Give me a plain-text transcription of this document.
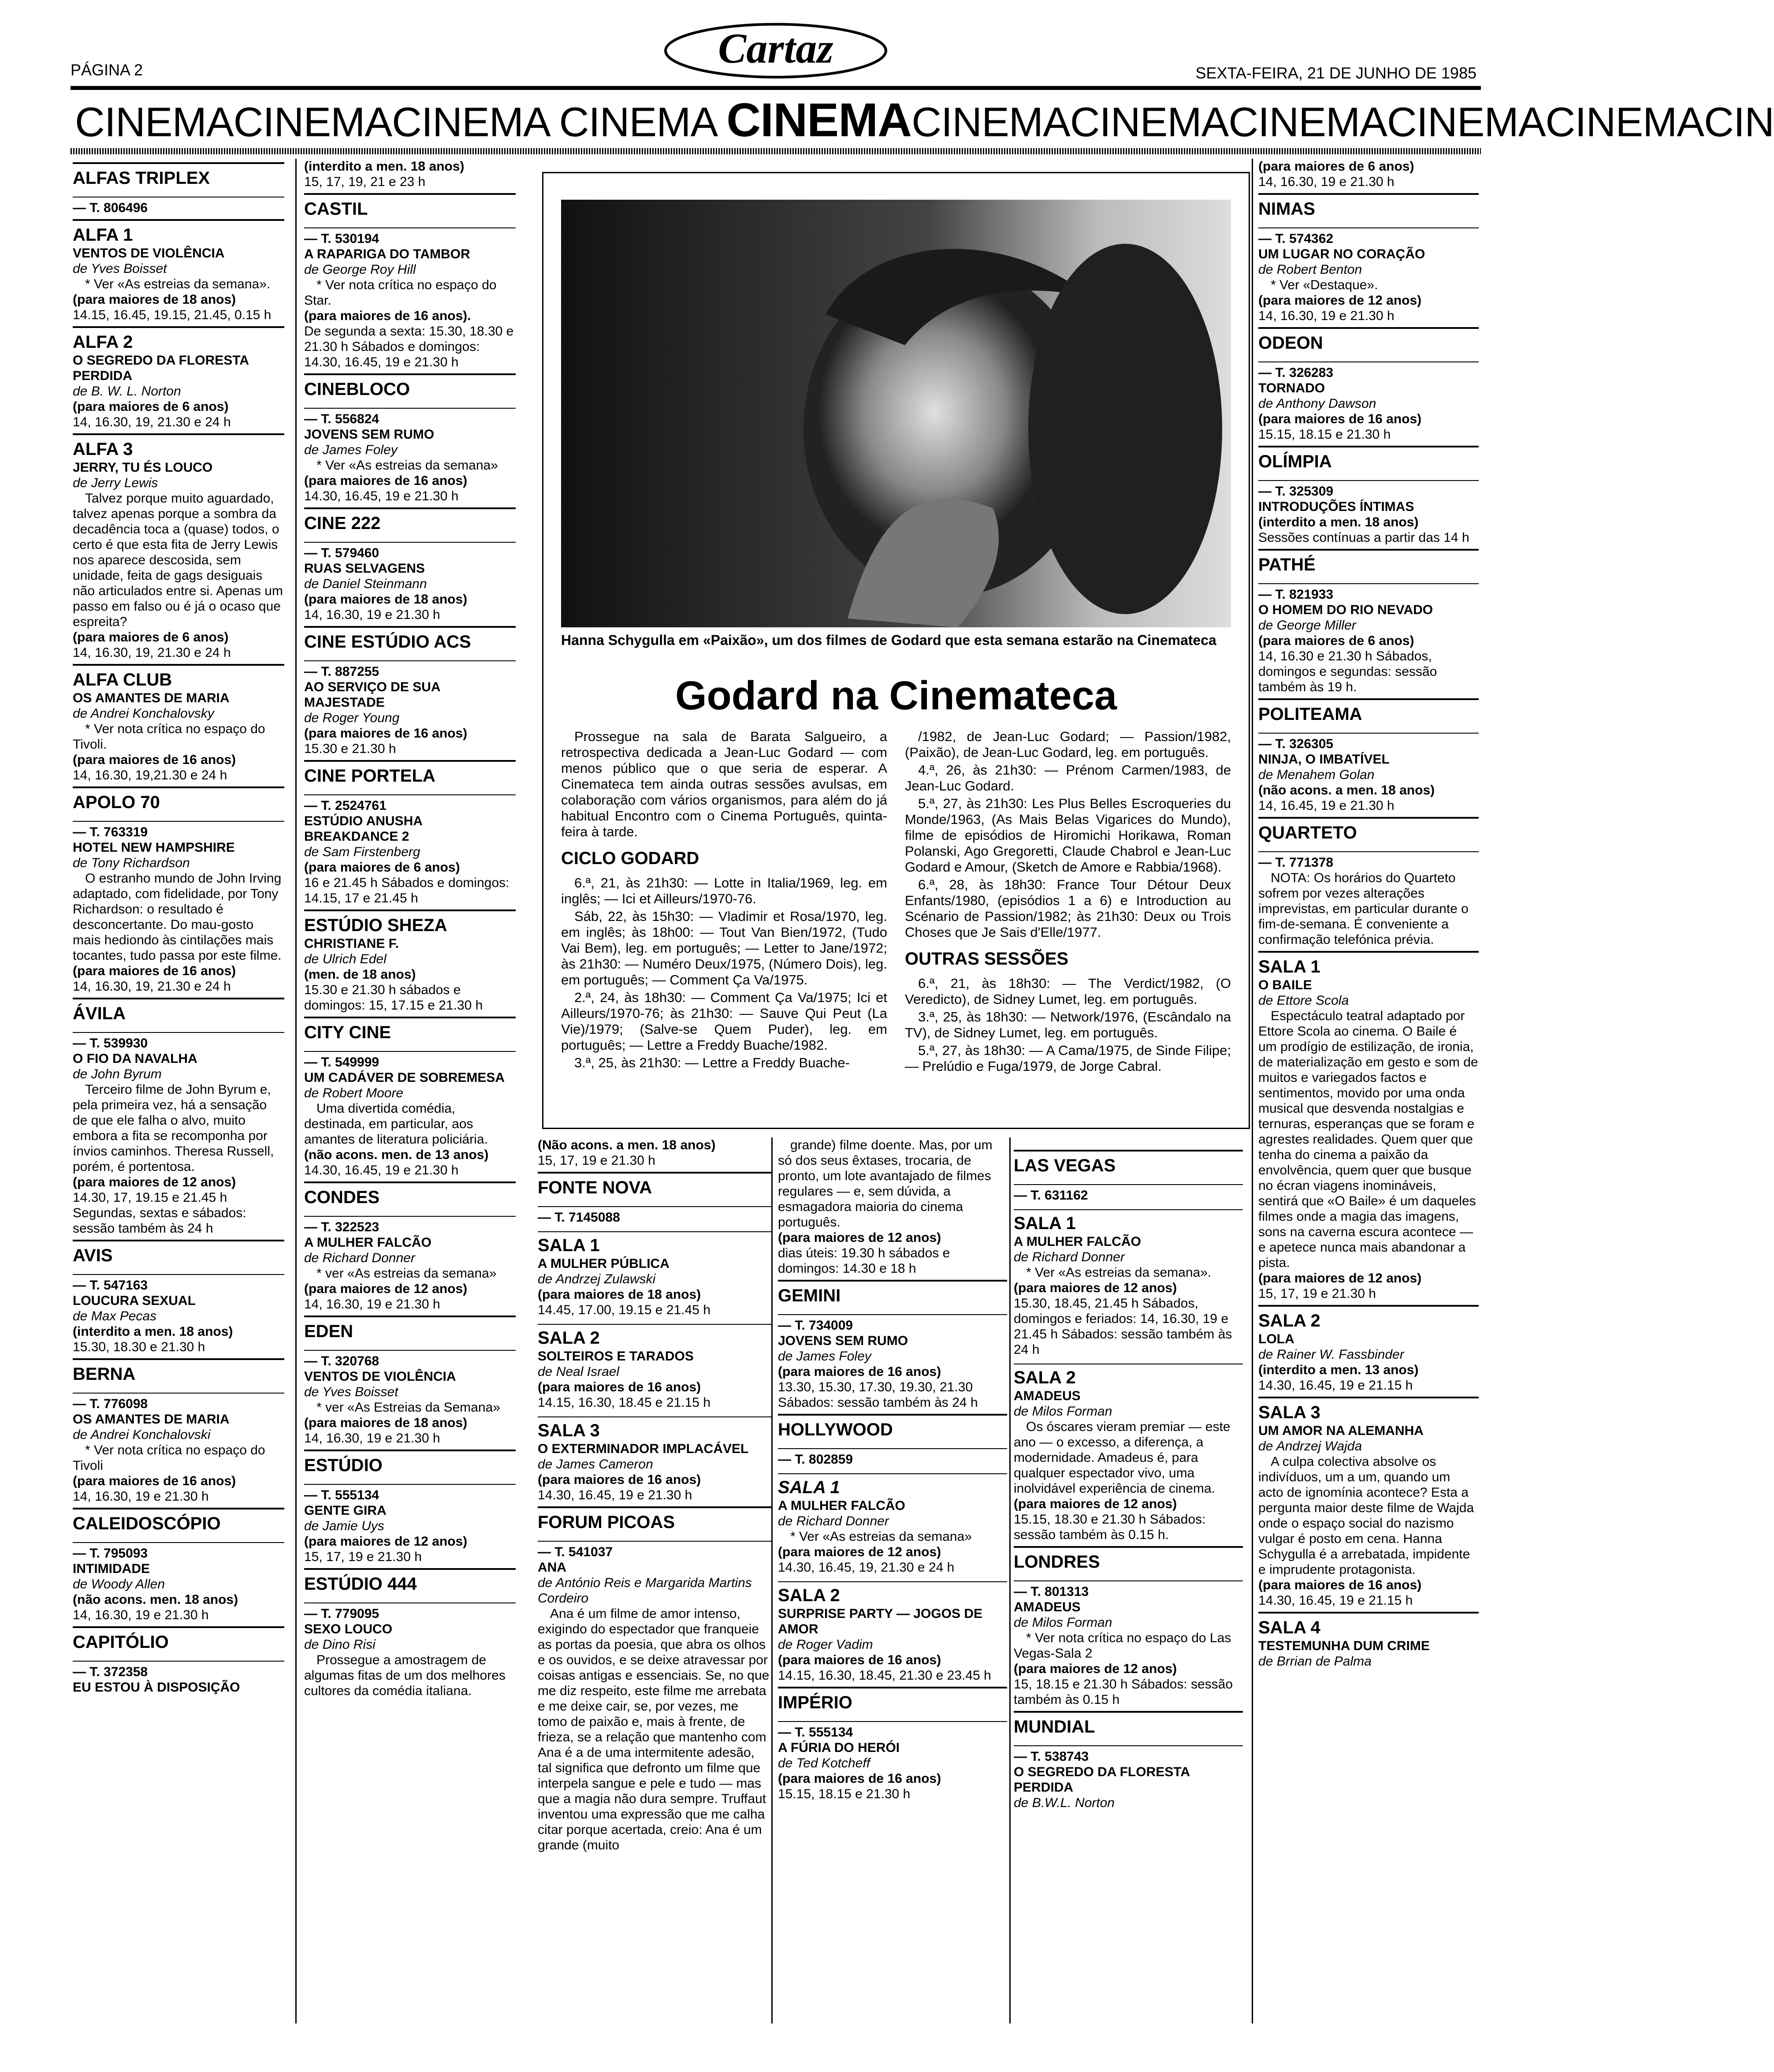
PÁGINA 2	Cartaz
SEXTA-FEIRA, 21 DE JUNHO DE 1985
CINEMACINEMACINEMA CINEMA CINEMACINEMACINEMACINEMACINEMACINEMACIN
ALFAS TRIPLEX
— T. 806496
ALFA 1
VENTOS DE VIOLÊNCIA
de Yves Boisset
* Ver «As estreias da semana».
(para maiores de 18 anos)
14.15, 16.45, 19.15, 21.45, 0.15 h
ALFA 2
O SEGREDO DA FLORESTA PERDIDA
de B. W. L. Norton
(para maiores de 6 anos)
14, 16.30, 19, 21.30 e 24 h
ALFA 3
JERRY, TU ÉS LOUCO
de Jerry Lewis
Talvez porque muito aguardado, talvez apenas porque a sombra da decadência toca a (quase) todos, o certo é que esta fita de Jerry Lewis nos aparece descosida, sem unidade, feita de gags desiguais não articulados entre si. Apenas um passo em falso ou é já o ocaso que espreita?
(para maiores de 6 anos)
14, 16.30, 19, 21.30 e 24 h
ALFA CLUB
OS AMANTES DE MARIA
de Andrei Konchalovsky
* Ver nota crítica no espaço do Tivoli.
(para maiores de 16 anos)
14, 16.30, 19,21.30 e 24 h
APOLO 70
— T. 763319
HOTEL NEW HAMPSHIRE
de Tony Richardson
O estranho mundo de John Irving adaptado, com fidelidade, por Tony Richardson: o resultado é desconcertante. Do mau-gosto mais hediondo às cintilações mais tocantes, tudo passa por este filme.
(para maiores de 16 anos)
14, 16.30, 19, 21.30 e 24 h
ÁVILA
— T. 539930
O FIO DA NAVALHA
de John Byrum
Terceiro filme de John Byrum e, pela primeira vez, há a sensação de que ele falha o alvo, muito embora a fita se recomponha por ínvios caminhos. Theresa Russell, porém, é portentosa.
(para maiores de 12 anos)
14.30, 17, 19.15 e 21.45 h Segundas, sextas e sábados: sessão também às 24 h
AVIS
— T. 547163
LOUCURA SEXUAL
de Max Pecas
(interdito a men. 18 anos)
15.30, 18.30 e 21.30 h
BERNA
— T. 776098
OS AMANTES DE MARIA
de Andrei Konchalovski
* Ver nota crítica no espaço do Tivoli
(para maiores de 16 anos)
14, 16.30, 19 e 21.30 h
CALEIDOSCÓPIO
— T. 795093
INTIMIDADE
de Woody Allen
(não acons. men. 18 anos)
14, 16.30, 19 e 21.30 h
CAPITÓLIO
— T. 372358
EU ESTOU À DISPOSIÇÃO
(interdito a men. 18 anos)
15, 17, 19, 21 e 23 h
CASTIL
— T. 530194
A RAPARIGA DO TAMBOR
de George Roy Hill
* Ver nota crítica no espaço do Star.
(para maiores de 16 anos).
De segunda a sexta: 15.30, 18.30 e 21.30 h Sábados e domingos: 14.30, 16.45, 19 e 21.30 h
CINEBLOCO
— T. 556824
JOVENS SEM RUMO
de James Foley
* Ver «As estreias da semana»
(para maiores de 16 anos)
14.30, 16.45, 19 e 21.30 h
CINE 222
— T. 579460
RUAS SELVAGENS
de Daniel Steinmann
(para maiores de 18 anos)
14, 16.30, 19 e 21.30 h
CINE ESTÚDIO ACS
— T. 887255
AO SERVIÇO DE SUA MAJESTADE
de Roger Young
(para maiores de 16 anos)
15.30 e 21.30 h
CINE PORTELA
— T. 2524761
ESTÚDIO ANUSHA BREAKDANCE 2
de Sam Firstenberg
(para maiores de 6 anos)
16 e 21.45 h Sábados e domingos: 14.15, 17 e 21.45 h
ESTÚDIO SHEZA
CHRISTIANE F.
de Ulrich Edel
(men. de 18 anos)
15.30 e 21.30 h sábados e domingos: 15, 17.15 e 21.30 h
CITY CINE
— T. 549999
UM CADÁVER DE SOBREMESA
de Robert Moore
Uma divertida comédia, destinada, em particular, aos amantes de literatura policiária.
(não acons. men. de 13 anos)
14.30, 16.45, 19 e 21.30 h
CONDES
— T. 322523
A MULHER FALCÃO
de Richard Donner
* ver «As estreias da semana»
(para maiores de 12 anos)
14, 16.30, 19 e 21.30 h
EDEN
— T. 320768
VENTOS DE VIOLÊNCIA
de Yves Boisset
* ver «As Estreias da Semana»
(para maiores de 18 anos)
14, 16.30, 19 e 21.30 h
ESTÚDIO
— T. 555134
GENTE GIRA
de Jamie Uys
(para maiores de 12 anos)
15, 17, 19 e 21.30 h
ESTÚDIO 444
— T. 779095
SEXO LOUCO
de Dino Risi
Prossegue a amostragem de algumas fitas de um dos melhores cultores da comédia italiana.
Hanna Schygulla em «Paixão», um dos filmes de Godard que esta semana estarão na Cinemateca
Godard na Cinemateca

Prossegue na sala de Barata Salgueiro, a retrospectiva dedicada a Jean-Luc Godard — com menos público que o que seria de esperar. A Cinemateca tem ainda outras sessões avulsas, em colaboração com vários organismos, para além do já habitual Encontro com o Cinema Português, quinta-feira à tarde.

CICLO GODARD

6.ª, 21, às 21h30: — Lotte in Italia/1969, leg. em inglês; — Ici et Ailleurs/1970-76.

Sáb, 22, às 15h30: — Vladimir et Rosa/1970, leg. em inglês; às 18h00: — Tout Van Bien/1972, (Tudo Vai Bem), leg. em português; — Letter to Jane/1972; às 21h30: — Numéro Deux/1975, (Número Dois), leg. em português; — Comment Ça Va/1975.

2.ª, 24, às 18h30: — Comment Ça Va/1975; Ici et Ailleurs/1970-76; às 21h30: — Sauve Qui Peut (La Vie)/1979; (Salve-se Quem Puder), leg. em português; — Lettre a Freddy Buache/1982.

3.ª, 25, às 21h30: — Lettre a Freddy Buache-

/1982, de Jean-Luc Godard; — Passion/1982, (Paixão), de Jean-Luc Godard, leg. em português.

4.ª, 26, às 21h30: — Prénom Carmen/1983, de Jean-Luc Godard.

5.ª, 27, às 21h30: Les Plus Belles Escroqueries du Monde/1963, (As Mais Belas Vigarices do Mundo), filme de episódios de Hiromichi Horikawa, Roman Polanski, Ago Gregoretti, Claude Chabrol e Jean-Luc Godard e Amour, (Sketch de Amore e Rabbia/1968).

6.ª, 28, às 18h30: France Tour Détour Deux Enfants/1980, (episódios 1 a 6) e Introduction au Scénario de Passion/1982; às 21h30: Deux ou Trois Choses que Je Sais d'Elle/1977.

OUTRAS SESSÕES

6.ª, 21, às 18h30: — The Verdict/1982, (O Veredicto), de Sidney Lumet, leg. em português.

3.ª, 25, às 18h30: — Network/1976, (Escândalo na TV), de Sidney Lumet, leg. em português.

5.ª, 27, às 18h30: — A Cama/1975, de Sinde Filipe; — Prelúdio e Fuga/1979, de Jorge Cabral.

(Não acons. a men. 18 anos)
15, 17, 19 e 21.30 h
FONTE NOVA
— T. 7145088
SALA 1
A MULHER PÚBLICA
de Andrzej Zulawski
(para maiores de 18 anos)
14.45, 17.00, 19.15 e 21.45 h
SALA 2
SOLTEIROS E TARADOS
de Neal Israel
(para maiores de 16 anos)
14.15, 16.30, 18.45 e 21.15 h
SALA 3
O EXTERMINADOR IMPLACÁVEL
de James Cameron
(para maiores de 16 anos)
14.30, 16.45, 19 e 21.30 h
FORUM PICOAS
— T. 541037
ANA
de António Reis e Margarida Martins Cordeiro
Ana é um filme de amor intenso, exigindo do espectador que franqueie as portas da poesia, que abra os olhos e os ouvidos, e se deixe atravessar por coisas antigas e essenciais. Se, no que me diz respeito, este filme me arrebata e me deixe cair, se, por vezes, me tomo de paixão e, mais à frente, de frieza, se a relação que mantenho com Ana é a de uma intermitente adesão, tal significa que defronto um filme que interpela sangue e pele e tudo — mas que a magia não dura sempre. Truffaut inventou uma expressão que me calha citar porque acertada, creio: Ana é um grande (muito
grande) filme doente. Mas, por um só dos seus êxtases, trocaria, de pronto, um lote avantajado de filmes regulares — e, sem dúvida, a esmagadora maioria do cinema português.
(para maiores de 12 anos)
dias úteis: 19.30 h sábados e domingos: 14.30 e 18 h
GEMINI
— T. 734009
JOVENS SEM RUMO
de James Foley
(para maiores de 16 anos)
13.30, 15.30, 17.30, 19.30, 21.30 Sábados: sessão também às 24 h
HOLLYWOOD
— T. 802859
SALA 1
A MULHER FALCÃO
de Richard Donner
* Ver «As estreias da semana»
(para maiores de 12 anos)
14.30, 16.45, 19, 21.30 e 24 h
SALA 2
SURPRISE PARTY — JOGOS DE AMOR
de Roger Vadim
(para maiores de 16 anos)
14.15, 16.30, 18.45, 21.30 e 23.45 h
IMPÉRIO
— T. 555134
A FÚRIA DO HERÓI
de Ted Kotcheff
(para maiores de 16 anos)
15.15, 18.15 e 21.30 h
LAS VEGAS
— T. 631162
SALA 1
A MULHER FALCÃO
de Richard Donner
* Ver «As estreias da semana».
(para maiores de 12 anos)
15.30, 18.45, 21.45 h Sábados, domingos e feriados: 14, 16.30, 19 e 21.45 h Sábados: sessão também às 24 h
SALA 2
AMADEUS
de Milos Forman
Os óscares vieram premiar — este ano — o excesso, a diferença, a modernidade. Amadeus é, para qualquer espectador vivo, uma inolvidável experiência de cinema.
(para maiores de 12 anos)
15.15, 18.30 e 21.30 h Sábados: sessão também às 0.15 h.
LONDRES
— T. 801313
AMADEUS
de Milos Forman
* Ver nota crítica no espaço do Las Vegas-Sala 2
(para maiores de 12 anos)
15, 18.15 e 21.30 h Sábados: sessão também às 0.15 h
MUNDIAL
— T. 538743
O SEGREDO DA FLORESTA PERDIDA
de B.W.L. Norton
(para maiores de 6 anos)
14, 16.30, 19 e 21.30 h
NIMAS
— T. 574362
UM LUGAR NO CORAÇÃO
de Robert Benton
* Ver «Destaque».
(para maiores de 12 anos)
14, 16.30, 19 e 21.30 h
ODEON
— T. 326283
TORNADO
de Anthony Dawson
(para maiores de 16 anos)
15.15, 18.15 e 21.30 h
OLÍMPIA
— T. 325309
INTRODUÇÕES ÍNTIMAS
(interdito a men. 18 anos)
Sessões contínuas a partir das 14 h
PATHÉ
— T. 821933
O HOMEM DO RIO NEVADO
de George Miller
(para maiores de 6 anos)
14, 16.30 e 21.30 h Sábados, domingos e segundas: sessão também às 19 h.
POLITEAMA
— T. 326305
NINJA, O IMBATÍVEL
de Menahem Golan
(não acons. a men. 18 anos)
14, 16.45, 19 e 21.30 h
QUARTETO
— T. 771378
NOTA: Os horários do Quarteto sofrem por vezes alterações imprevistas, em particular durante o fim-de-semana. É conveniente a confirmação telefónica prévia.
SALA 1
O BAILE
de Ettore Scola
Espectáculo teatral adaptado por Ettore Scola ao cinema. O Baile é um prodígio de estilização, de ironia, de materialização em gesto e som de muitos e variegados factos e sentimentos, movido por uma onda musical que desvenda nostalgias e ternuras, esperanças que se foram e agrestes realidades. Quem quer que tenha do cinema a paixão da envolvência, quem quer que busque no écran viagens inomináveis, sentirá que «O Baile» é um daqueles filmes onde a magia das imagens, sons na caverna escura acontece — e apetece nunca mais abandonar a pista.
(para maiores de 12 anos)
15, 17, 19 e 21.30 h
SALA 2
LOLA
de Rainer W. Fassbinder
(interdito a men. 13 anos)
14.30, 16.45, 19 e 21.15 h
SALA 3
UM AMOR NA ALEMANHA
de Andrzej Wajda
A culpa colectiva absolve os indivíduos, um a um, quando um acto de ignomínia acontece? Esta a pergunta maior deste filme de Wajda onde o espaço social do nazismo vulgar é posto em cena. Hanna Schygulla é a arrebatada, impidente e imprudente protagonista.
(para maiores de 16 anos)
14.30, 16.45, 19 e 21.15 h
SALA 4
TESTEMUNHA DUM CRIME
de Brrian de Palma
